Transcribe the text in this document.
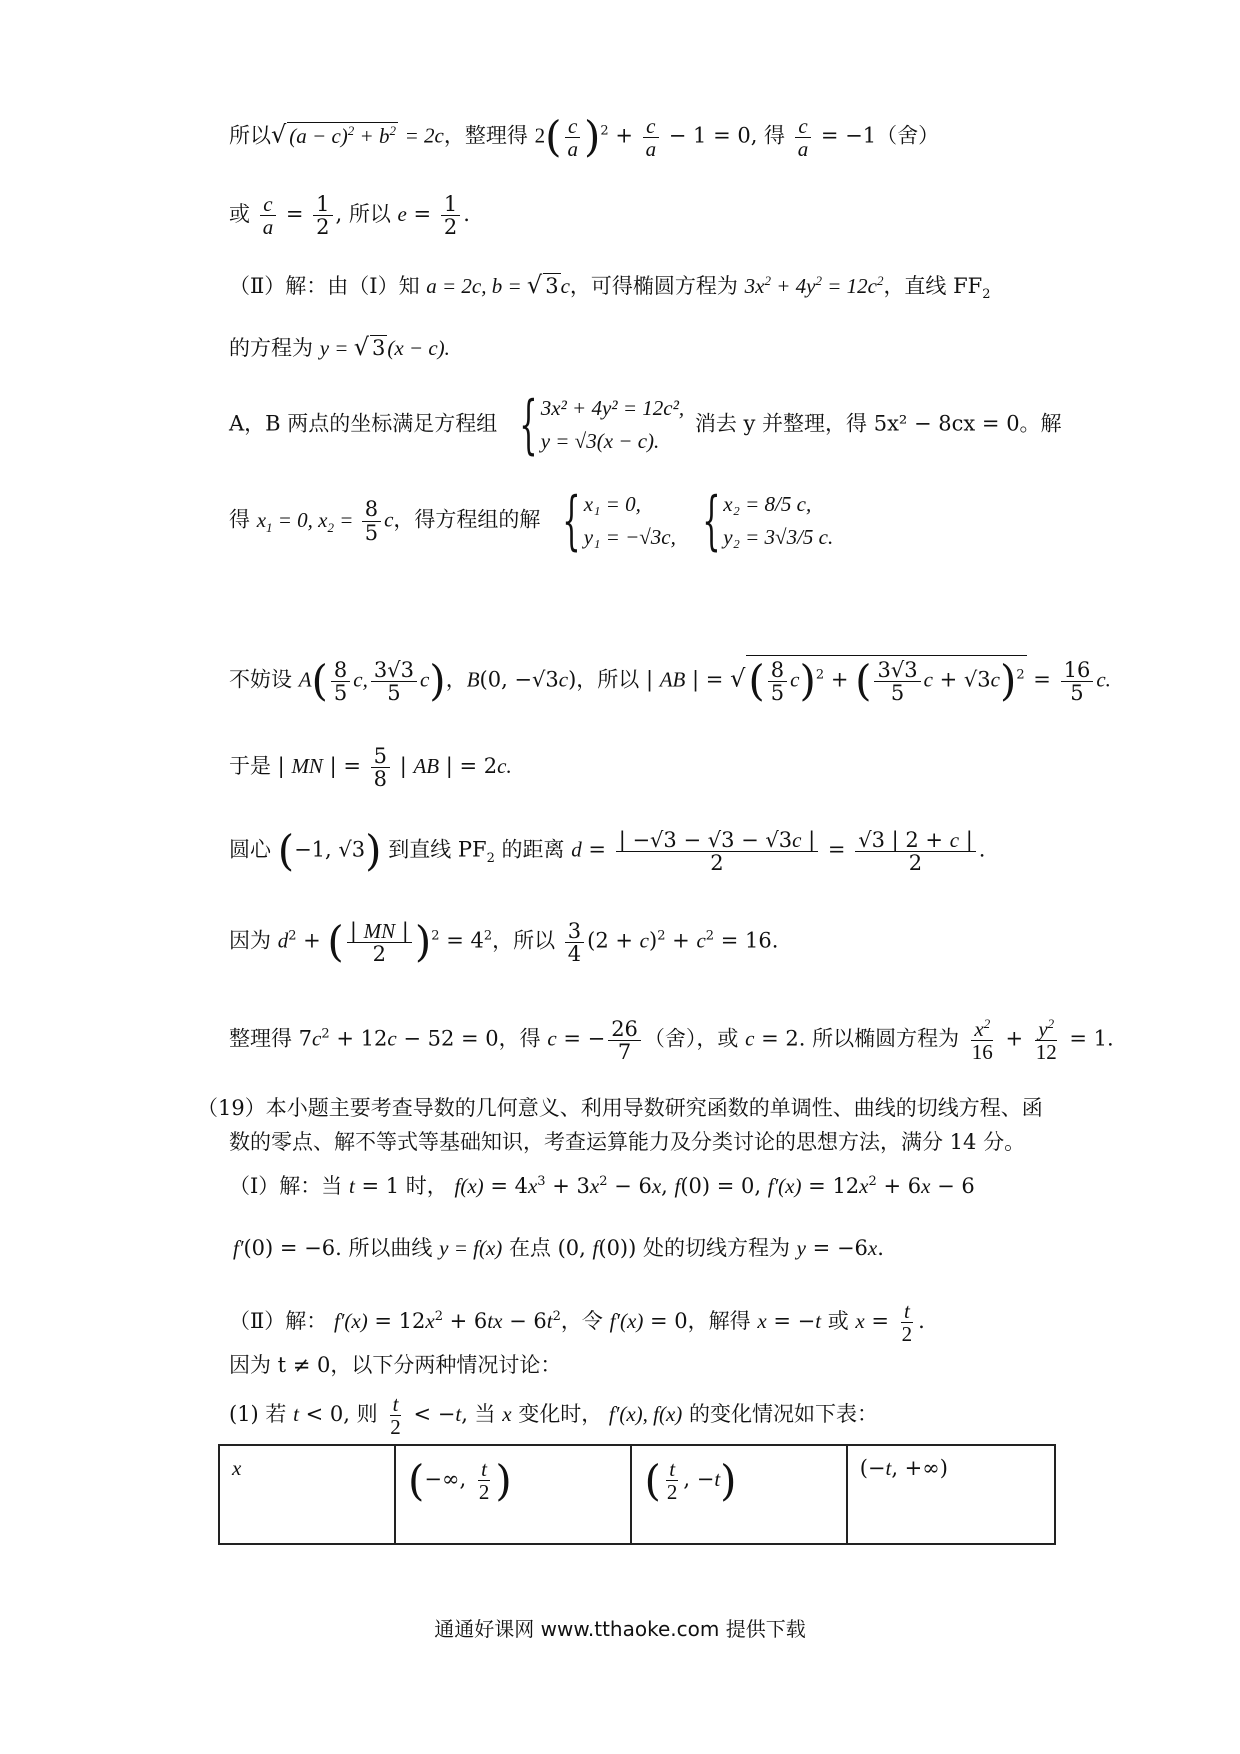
所以√ $(a - c)^2 + b^2 = 2c$，整理得 $2( \frac{c}{a} )^2 + \frac{c}{a} - 1 = 0$, 得 $\frac{c}{a} = -1$（舍）
或 $\frac{c}{a} = \frac{1}{2}$ , 所以 $e = \frac{1}{2}$ .
（Ⅱ）解：由（Ⅰ）知 a = 2c, b = √ 3c，可得椭圆方程为 $3x^2 + 4y^2 = 12c^2$，直线 $FF_2$
的方程为 y = √ 3(x − c).
A，B 两点的坐标满足方程组 { 3x² + 4y² = 12c²,
y = √3(x − c).
消去 y 并整理，得 5x² − 8cx = 0。解
得 $x_1 = 0$, $x_2 = \frac{8}{5}$ c，得方程组的解 { x₁ = 0,
y₁ = −√3c,
{ x₂ = 8/5 c,
y₂ = 3√3/5 c.
不妨设 $A( \frac{8}{5} c$, $\frac{3√3}{5} c$)，B(0, −√3c)，所以 | AB | = √( $\frac{8}{5} c)^2$ + ( $\frac{3√3}{5}$ $c + √3c)^2 = \frac{16}{5} c$.
于是 | MN | = $\frac{5}{8}$ | AB | = 2c.
圆心 (−1, √3) 到直线 $PF_2$ 的距离 $d = \frac{| -√3 - √3 - √3c |}{2} = \frac{√3 | 2 + c |}{2}$ .
因为 $d^2$ + ( $\frac{| MN |}{2} )^2 = 4^2$，所以 $\frac{3}{4} (2 + c)^2 + c^2 = 16$.
整理得 $7c^2 + 12c - 52 = 0$，得 c = − $\frac{26}{7}$ （舍），或 c = 2. 所以椭圆方程为 $\frac{x^2}{16} + \frac{y^2}{12} = 1$.
（19）本小题主要考查导数的几何意义、利用导数研究函数的单调性、曲线的切线方程、函
数的零点、解不等式等基础知识，考查运算能力及分类讨论的思想方法，满分 14 分。
（Ⅰ）解：当 t = 1 时， $f(x) = 4x^3 + 3x^2 - 6x$, f(0) = 0, $f'(x) = 12x^2 + 6x - 6$
f′(0) = −6. 所以曲线 y = f(x) 在点 (0, f(0)) 处的切线方程为 y = −6x.
（Ⅱ）解： $f'(x) = 12x^2 + 6tx - 6t^2$，令 f′(x) = 0，解得 x = −t 或 $x = \frac{t}{2}$ .
因为 t ≠ 0，以下分两种情况讨论：
(1) 若 t < 0, 则 $\frac{t}{2} < -t$, 当 x 变化时， f′(x), f(x) 的变化情况如下表：
x	(−∞, $\frac{t}{2}$ )	( $\frac{t}{2}$ , −t)	(−t, +∞)
通通好课网 www.tthaoke.com 提供下载
